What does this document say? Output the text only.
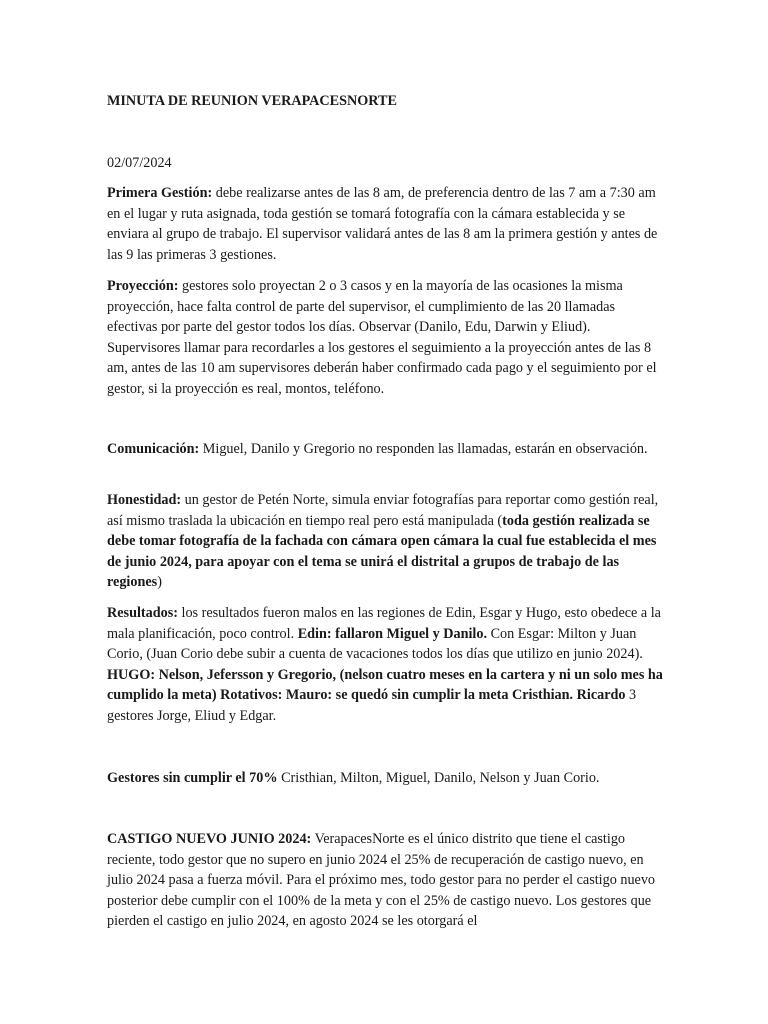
MINUTA DE REUNION VERAPACESNORTE
02/07/2024

Primera Gestión: debe realizarse antes de las 8 am, de preferencia dentro de las 7 am a 7:30 am en el lugar y ruta asignada, toda gestión se tomará fotografía con la cámara establecida y se enviara al grupo de trabajo. El supervisor validará antes de las 8 am la primera gestión y antes de las 9 las primeras 3 gestiones.

Proyección: gestores solo proyectan 2 o 3 casos y en la mayoría de las ocasiones la misma proyección, hace falta control de parte del supervisor, el cumplimiento de las 20 llamadas efectivas por parte del gestor todos los días. Observar (Danilo, Edu, Darwin y Eliud). Supervisores llamar para recordarles a los gestores el seguimiento a la proyección antes de las 8 am, antes de las 10 am supervisores deberán haber confirmado cada pago y el seguimiento por el gestor, si la proyección es real, montos, teléfono.

Comunicación: Miguel, Danilo y Gregorio no responden las llamadas, estarán en observación.

Honestidad: un gestor de Petén Norte, simula enviar fotografías para reportar como gestión real, así mismo traslada la ubicación en tiempo real pero está manipulada (toda gestión realizada se debe tomar fotografía de la fachada con cámara open cámara la cual fue establecida el mes de junio 2024, para apoyar con el tema se unirá el distrital a grupos de trabajo de las regiones)

Resultados: los resultados fueron malos en las regiones de Edin, Esgar y Hugo, esto obedece a la mala planificación, poco control. Edin: fallaron Miguel y Danilo. Con Esgar: Milton y Juan Corio, (Juan Corio debe subir a cuenta de vacaciones todos los días que utilizo en junio 2024). HUGO: Nelson, Jefersson y Gregorio, (nelson cuatro meses en la cartera y ni un solo mes ha cumplido la meta) Rotativos: Mauro: se quedó sin cumplir la meta Cristhian. Ricardo 3 gestores Jorge, Eliud y Edgar.

Gestores sin cumplir el 70% Cristhian, Milton, Miguel, Danilo, Nelson y Juan Corio.

CASTIGO NUEVO JUNIO 2024: VerapacesNorte es el único distrito que tiene el castigo reciente, todo gestor que no supero en junio 2024 el 25% de recuperación de castigo nuevo, en julio 2024 pasa a fuerza móvil. Para el próximo mes, todo gestor para no perder el castigo nuevo posterior debe cumplir con el 100% de la meta y con el 25% de castigo nuevo. Los gestores que pierden el castigo en julio 2024, en agosto 2024 se les otorgará el
